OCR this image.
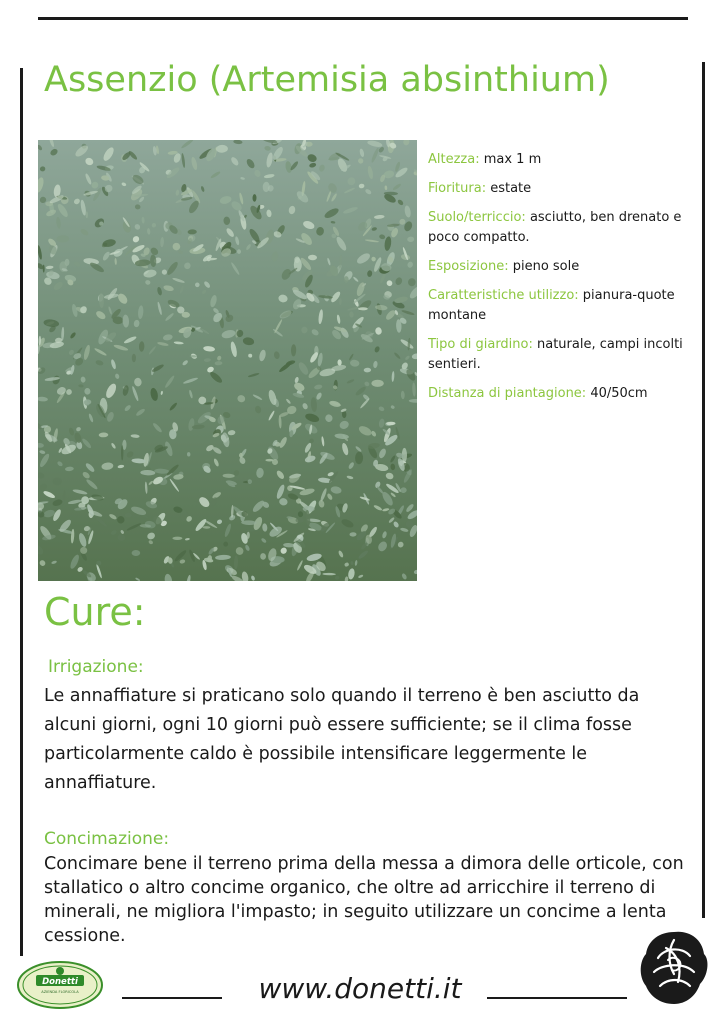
Assenzio (Artemisia absinthium)
Altezza: max 1 m
Fioritura: estate
Suolo/terriccio: asciutto, ben drenato e poco compatto.
Esposizione: pieno sole
Caratteristiche utilizzo: pianura-quote montane
Tipo di giardino: naturale, campi incolti sentieri.
Distanza di piantagione: 40/50cm
Cure:
Irrigazione:
Le annaffiature si praticano solo quando il terreno è ben asciutto da alcuni giorni, ogni 10 giorni può essere sufficiente; se il clima fosse particolarmente caldo è possibile intensificare leggermente le annaffiature.
Concimazione:
Concimare bene il terreno prima della messa a dimora delle orticole, con stallatico o altro concime organico, che oltre ad arricchire il terreno di minerali, ne migliora l'impasto; in seguito utilizzare un concime a lenta cessione.
Donetti
AZIENDA FLORICOLA	www.donetti.it
